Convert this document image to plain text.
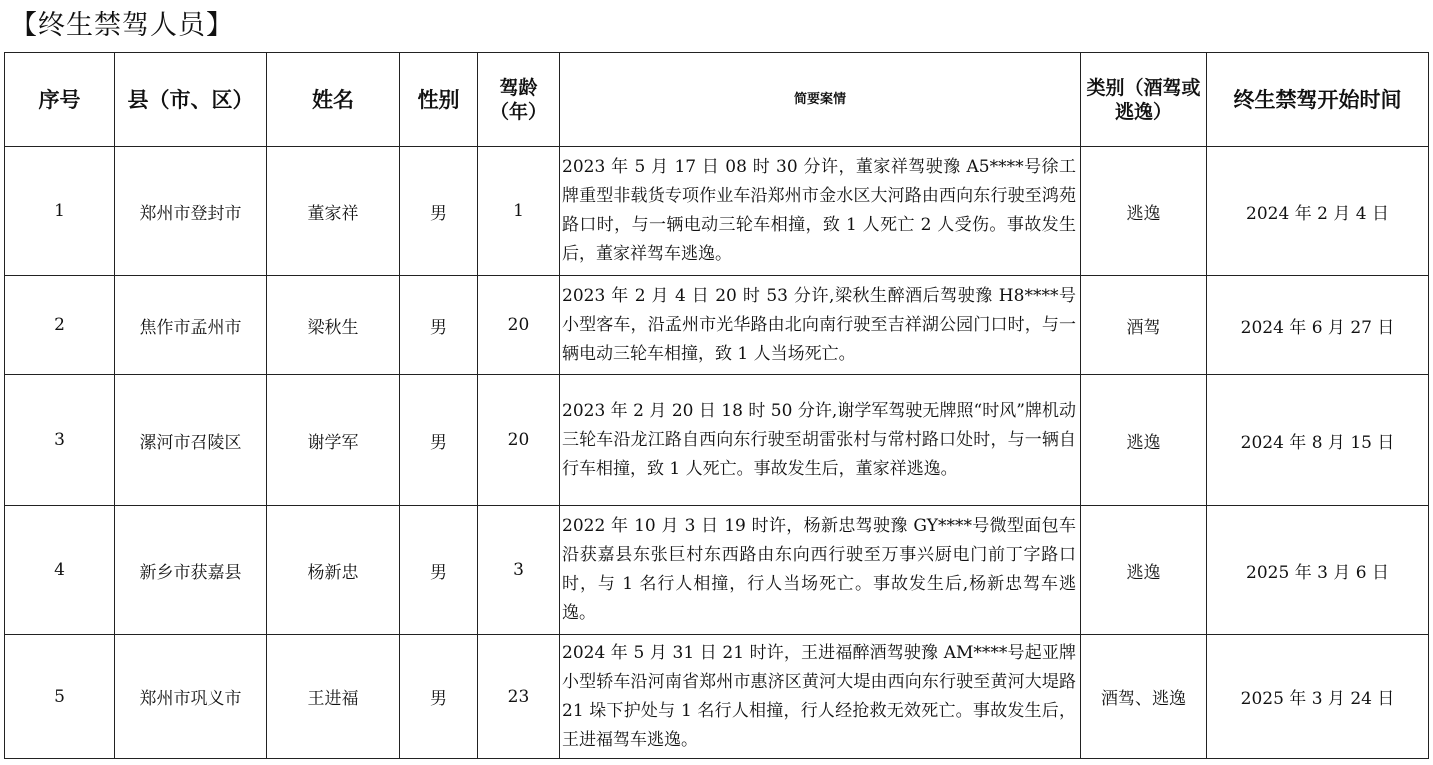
【终生禁驾人员】
序号	县（市、区）	姓名	性别	驾龄（年）	简要案情	类别（酒驾或逃逸）	终生禁驾开始时间
1	郑州市登封市	董家祥	男	1	2023 年 5 月 17 日 08 时 30 分许，董家祥驾驶豫 A5****号徐工牌重型非载货专项作业车沿郑州市金水区大河路由西向东行驶至鸿苑路口时，与一辆电动三轮车相撞，致 1 人死亡 2 人受伤。事故发生后，董家祥驾车逃逸。	逃逸	2024 年 2 月 4 日
2	焦作市孟州市	梁秋生	男	20	2023 年 2 月 4 日 20 时 53 分许,梁秋生醉酒后驾驶豫 H8****号小型客车，沿孟州市光华路由北向南行驶至吉祥湖公园门口时，与一辆电动三轮车相撞，致 1 人当场死亡。	酒驾	2024 年 6 月 27 日
3	漯河市召陵区	谢学军	男	20	2023 年 2 月 20 日 18 时 50 分许,谢学军驾驶无牌照“时风”牌机动三轮车沿龙江路自西向东行驶至胡雷张村与常村路口处时，与一辆自行车相撞，致 1 人死亡。事故发生后，董家祥逃逸。	逃逸	2024 年 8 月 15 日
4	新乡市获嘉县	杨新忠	男	3	2022 年 10 月 3 日 19 时许，杨新忠驾驶豫 GY****号微型面包车沿获嘉县东张巨村东西路由东向西行驶至万事兴厨电门前丁字路口时，与 1 名行人相撞，行人当场死亡。事故发生后,杨新忠驾车逃逸。	逃逸	2025 年 3 月 6 日
5	郑州市巩义市	王进福	男	23	2024 年 5 月 31 日 21 时许，王进福醉酒驾驶豫 AM****号起亚牌小型轿车沿河南省郑州市惠济区黄河大堤由西向东行驶至黄河大堤路 21 垛下护处与 1 名行人相撞，行人经抢救无效死亡。事故发生后，王进福驾车逃逸。	酒驾、逃逸	2025 年 3 月 24 日
